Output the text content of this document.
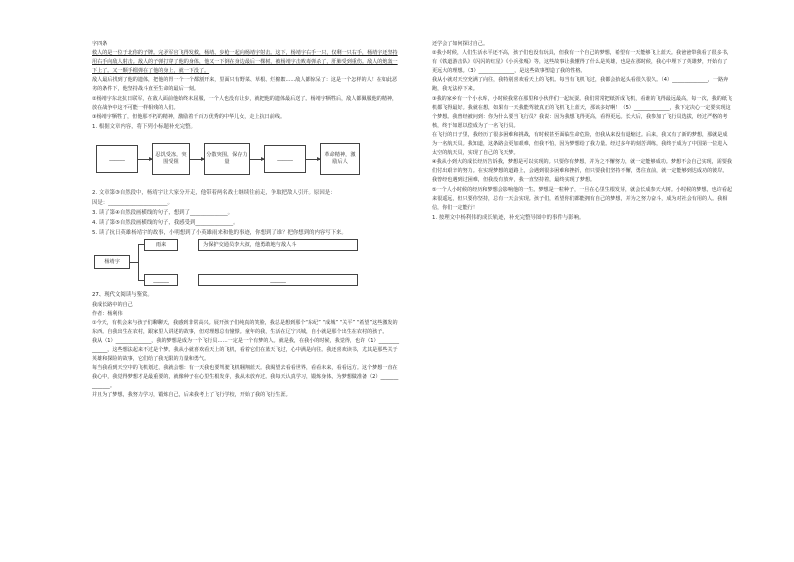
字四条

救人的是一位于北你的子牌。完矛军官飞得发救，杨靖、步枪一起向杨靖宇射击。这下，杨靖宇右手一只，仅剩一只右手，杨靖宇还坚持用右手向敌人射击。敌人的子弹打穿了他的身体，他又一下倒在身边最后一棵树，被杨靖宇击败毒弹杀了，肝肺受到重伤。敌人的炮轰一下上了。又一颗手榴弹在了他的身上，就一下没了。

敌人最后找到了他的遗体，把他的胃一个一个都割开来，里面只有野菜、草根、烂棉絮......敌人都惊呆了：这是一个怎样的人！在如此恶劣的条件下，他坚持战斗直至生命的最后一刻。

②杨靖宇东北抗日联军，在敌人面前他始终未屈服，一个人也没有让步，就把他的遗体最后送了。杨靖宇牺牲后，敌人都佩服他的精神，放在战争中这不可能一样相残的人们。

③杨靖宇牺牲了，但他那不朽的精神，激励着千百万优秀的中华儿女，走上抗日前线。

1. 根据文章内容，将下列小标题补充完整。

______
忍饥受冻，突围受阻
分散突围，保存力量
______
革命精神，激励后人

2. 文章第③自然段中，杨靖宇让大家分开走，他带着两名战士继续往前走，争取把敌人引开。原因是：

因是：______________________。

3. 读了第④自然段画横线的句子，想到了______________。

4. 读了第⑤自然段画横线的句子，我感受到______________。

5. 读了抗日英雄杨靖宇的故事，小明想到了小英雄雨来和他的事迹，你想到了谁？把你想到的内容写下来。

杨靖宇
雨来	为保护交通员李大叔，他勇敢地与敌人斗
______	______

27、现代文阅读与鉴赏。

我成长路中的自己

作者：杨利伟

①今天，有机会来与孩子们聊聊天，我感到非常高兴。展开孩子们纯真的笑脸，我总是想到那个“东纪” “成城” “关平” “希望”这些激发的东西。自我出生在农村，跟家里人讲述的故事，但对理想总有憧憬。童年的我，生活在辽宁兴城，自小就是那个出生在农村的孩子。

我从（1）______________，我的梦想是成为一个飞行员……一定是一个有梦的人。就是我，在我小的时候，我觉得，也许（1）______________，这些想法起来不过是个梦。我从小就喜欢看天上的飞机，看着它们在蓝天飞过，心中满是向往。我还喜欢读书，尤其是那些关于英雄和探险的故事，它们给了我无限的力量和勇气。

每当我看到天空中的飞机划过，我就会想：有一天我也要驾驶飞机翱翔蓝天。我渴望去看看世界，看看未来，看看远方。这个梦想一直在我心中，我觉得梦想才是最重要的，就像种子在心里生根发芽，我从未放弃过。我每天认真学习，锻炼身体，为梦想做准备（2）______________。

并且为了梦想，我努力学习，锻炼自己，后来我考上了飞行学校，开始了我的飞行生涯。

还学会了如何探讨自己。

②我小时候，人们生活水平还不高，孩子们也没有玩具，但我有一个自己的梦想，希望有一天能够飞上蓝天。我爸爸带我看了很多书，有《铁道游击队》《闪闪的红星》《小兵张嘎》等，这些故事让我懂得了什么是英雄，也是在那时候，我心中埋下了英雄梦，开始有了更远大的理想。（3）______________，是这些故事塑造了我的性格。

我从小就对天空充满了向往，我特别喜欢看天上的飞机。每当有飞机飞过，我都会抬起头看很久很久。（4）______________，一路奔跑，我无法停下来。

③我的家乡有一个小水库，小时候我常在那里和小伙伴们一起玩耍。我们常常把纸折成飞机，看谁的飞得最远最高，每一次，我的纸飞机都飞得最好。我就在想，如果有一天我能驾驶真正的飞机飞上蓝天，那该多好啊！（5）______________，我下定决心一定要实现这个梦想。我曾经被问到：你为什么要当飞行员？我说：因为我想飞得更高，看得更远。长大后，我参加了飞行员选拔，经过严格的考核，终于如愿以偿成为了一名飞行员。

在飞行的日子里，我经历了很多困难和挑战，有时候甚至面临生命危险，但我从来没有退缩过。后来，我又有了新的梦想，那就是成为一名航天员。我知道，这条路会更加艰难，但我不怕，因为梦想给了我力量。经过多年的刻苦训练，我终于成为了中国第一位进入太空的航天员，实现了自己的飞天梦。

④我从小到大的成长经历告诉我，梦想是可以实现的。只要你有梦想，并为之不懈努力，就一定能够成功。梦想不会自己实现，需要我们付出艰辛的努力。在实现梦想的道路上，会遇到很多困难和挫折，但只要我们坚持不懈，勇往直前，就一定能够到达成功的彼岸。我曾经也遇到过困难，但我没有放弃，我一直坚持着，最终实现了梦想。

⑤一个人小时候的经历和梦想会影响他的一生。梦想是一粒种子，一旦在心里生根发芽，就会长成参天大树。小时候的梦想，也许看起来很遥远，但只要你坚持，总有一天会实现。孩子们，希望你们都能拥有自己的梦想，并为之努力奋斗，成为对社会有用的人。我相信，你们一定能行！

1. 按理文中杨利伟的成长轨迹，补充完整导图中的事件与影响。
